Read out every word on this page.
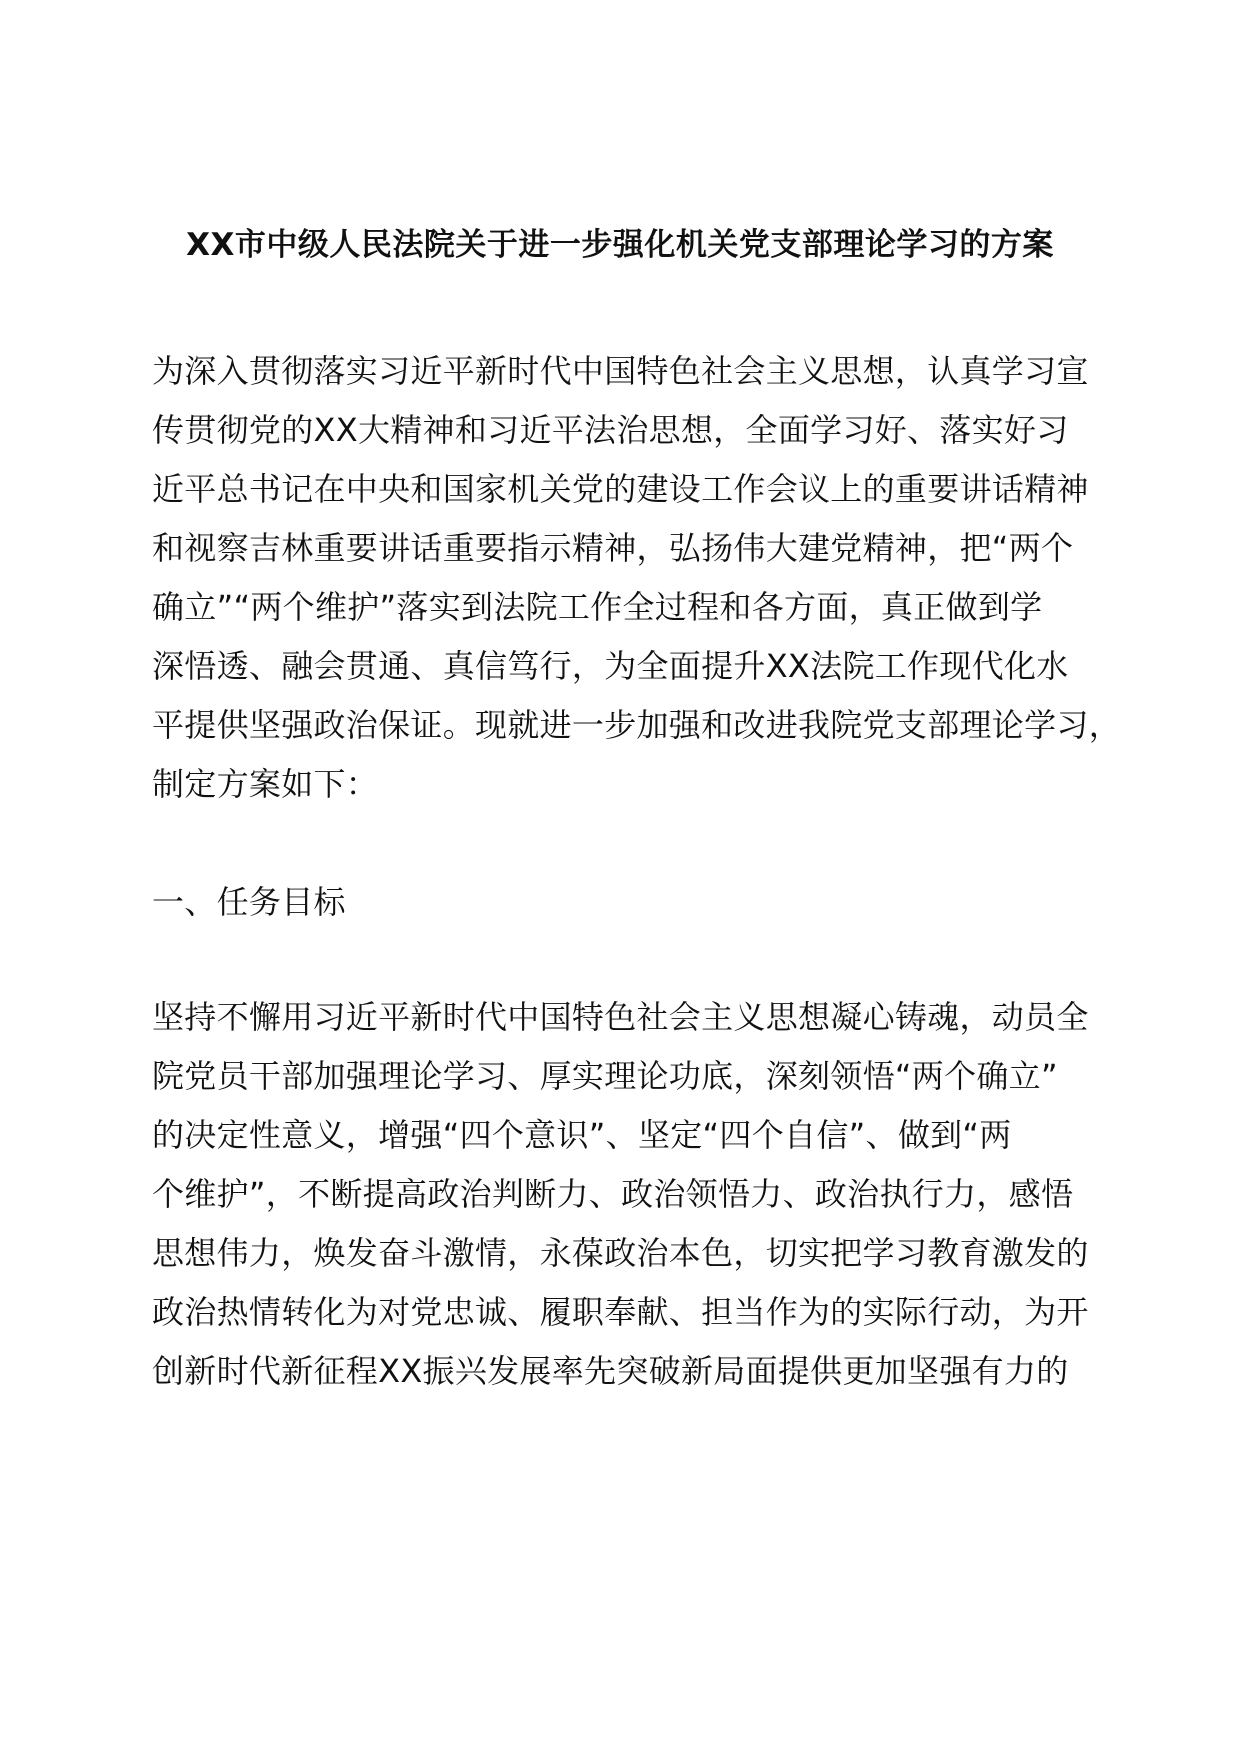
XX市中级人民法院关于进一步强化机关党支部理论学习的方案

为深入贯彻落实习近平新时代中国特色社会主义思想，认真学习宣

传贯彻党的XX大精神和习近平法治思想，全面学习好、落实好习

近平总书记在中央和国家机关党的建设工作会议上的重要讲话精神

和视察吉林重要讲话重要指示精神，弘扬伟大建党精神，把“两个

确立”“两个维护”落实到法院工作全过程和各方面，真正做到学

深悟透、融会贯通、真信笃行，为全面提升XX法院工作现代化水

平提供坚强政治保证。现就进一步加强和改进我院党支部理论学习，

制定方案如下：

一、任务目标

坚持不懈用习近平新时代中国特色社会主义思想凝心铸魂，动员全

院党员干部加强理论学习、厚实理论功底，深刻领悟“两个确立”

的决定性意义，增强“四个意识”、坚定“四个自信”、做到“两

个维护”，不断提高政治判断力、政治领悟力、政治执行力，感悟

思想伟力，焕发奋斗激情，永葆政治本色，切实把学习教育激发的

政治热情转化为对党忠诚、履职奉献、担当作为的实际行动，为开

创新时代新征程XX振兴发展率先突破新局面提供更加坚强有力的
